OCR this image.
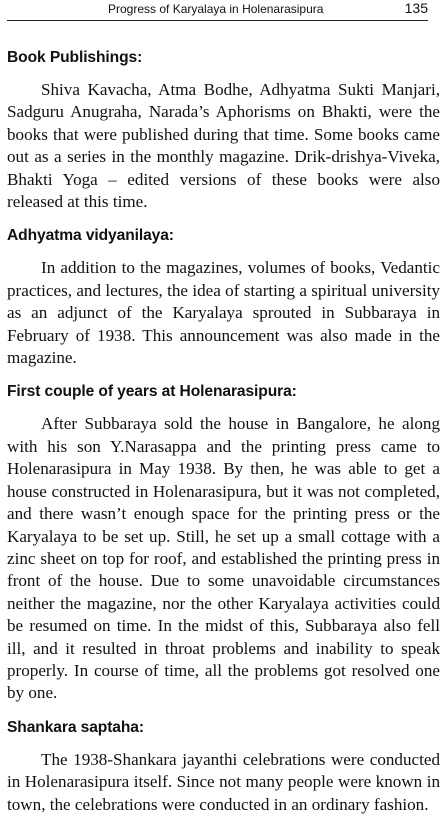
Progress of Karyalaya in Holenarasipura	135
Book Publishings:

Shiva Kavacha, Atma Bodhe, Adhyatma Sukti Manjari, Sadguru Anugraha, Narada’s Aphorisms on Bhakti, were the books that were published during that time. Some books came out as a series in the monthly magazine. Drik-drishya-Viveka, Bhakti Yoga – edited versions of these books were also released at this time.

Adhyatma vidyanilaya:

In addition to the magazines, volumes of books, Vedantic practices, and lectures, the idea of starting a spiritual university as an adjunct of the Karyalaya sprouted in Subbaraya in February of 1938. This announcement was also made in the magazine.

First couple of years at Holenarasipura:

After Subbaraya sold the house in Bangalore, he along with his son Y.Narasappa and the printing press came to Holenarasipura in May 1938. By then, he was able to get a house constructed in Holenarasipura, but it was not completed, and there wasn’t enough space for the printing press or the Karyalaya to be set up. Still, he set up a small cottage with a zinc sheet on top for roof, and established the printing press in front of the house. Due to some unavoidable circumstances neither the magazine, nor the other Karyalaya activities could be resumed on time. In the midst of this, Subbaraya also fell ill, and it resulted in throat problems and inability to speak properly. In course of time, all the problems got resolved one by one.

Shankara saptaha:

The 1938-Shankara jayanthi celebrations were conducted in Holenarasipura itself. Since not many people were known in town, the celebrations were conducted in an ordinary fashion.
